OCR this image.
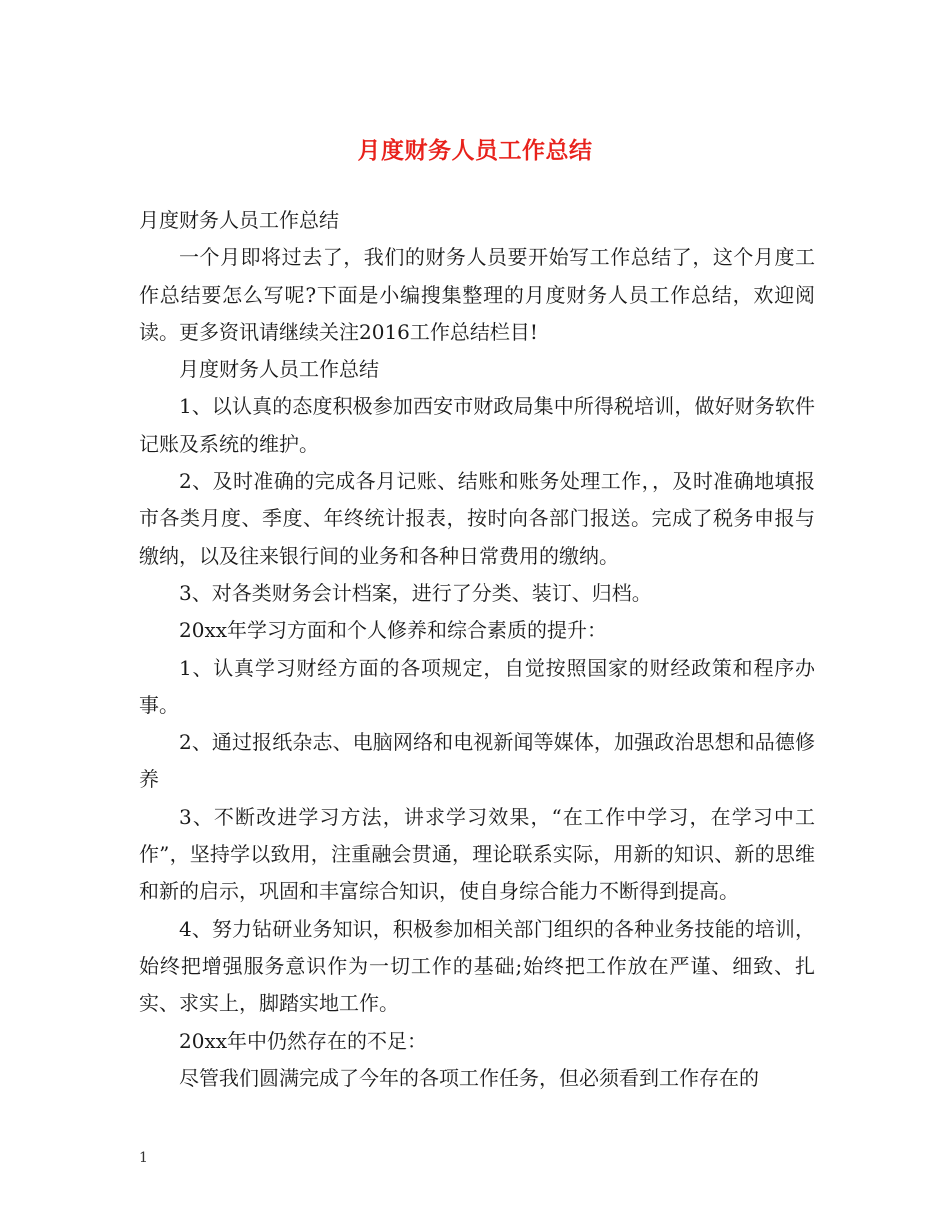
月度财务人员工作总结

月度财务人员工作总结

一个月即将过去了，我们的财务人员要开始写工作总结了，这个月度工作总结要怎么写呢?下面是小编搜集整理的月度财务人员工作总结，欢迎阅读。更多资讯请继续关注2016工作总结栏目!

月度财务人员工作总结

1、以认真的态度积极参加西安市财政局集中所得税培训，做好财务软件记账及系统的维护。

2、及时准确的完成各月记账、结账和账务处理工作，，及时准确地填报市各类月度、季度、年终统计报表，按时向各部门报送。完成了税务申报与缴纳，以及往来银行间的业务和各种日常费用的缴纳。

3、对各类财务会计档案，进行了分类、装订、归档。

20xx年学习方面和个人修养和综合素质的提升：

1、认真学习财经方面的各项规定，自觉按照国家的财经政策和程序办事。

2、通过报纸杂志、电脑网络和电视新闻等媒体，加强政治思想和品德修养

3、不断改进学习方法，讲求学习效果，“在工作中学习，在学习中工作”，坚持学以致用，注重融会贯通，理论联系实际，用新的知识、新的思维和新的启示，巩固和丰富综合知识，使自身综合能力不断得到提高。

4、努力钻研业务知识，积极参加相关部门组织的各种业务技能的培训，始终把增强服务意识作为一切工作的基础;始终把工作放在严谨、细致、扎实、求实上，脚踏实地工作。

20xx年中仍然存在的不足：

尽管我们圆满完成了今年的各项工作任务，但必须看到工作存在的

1
